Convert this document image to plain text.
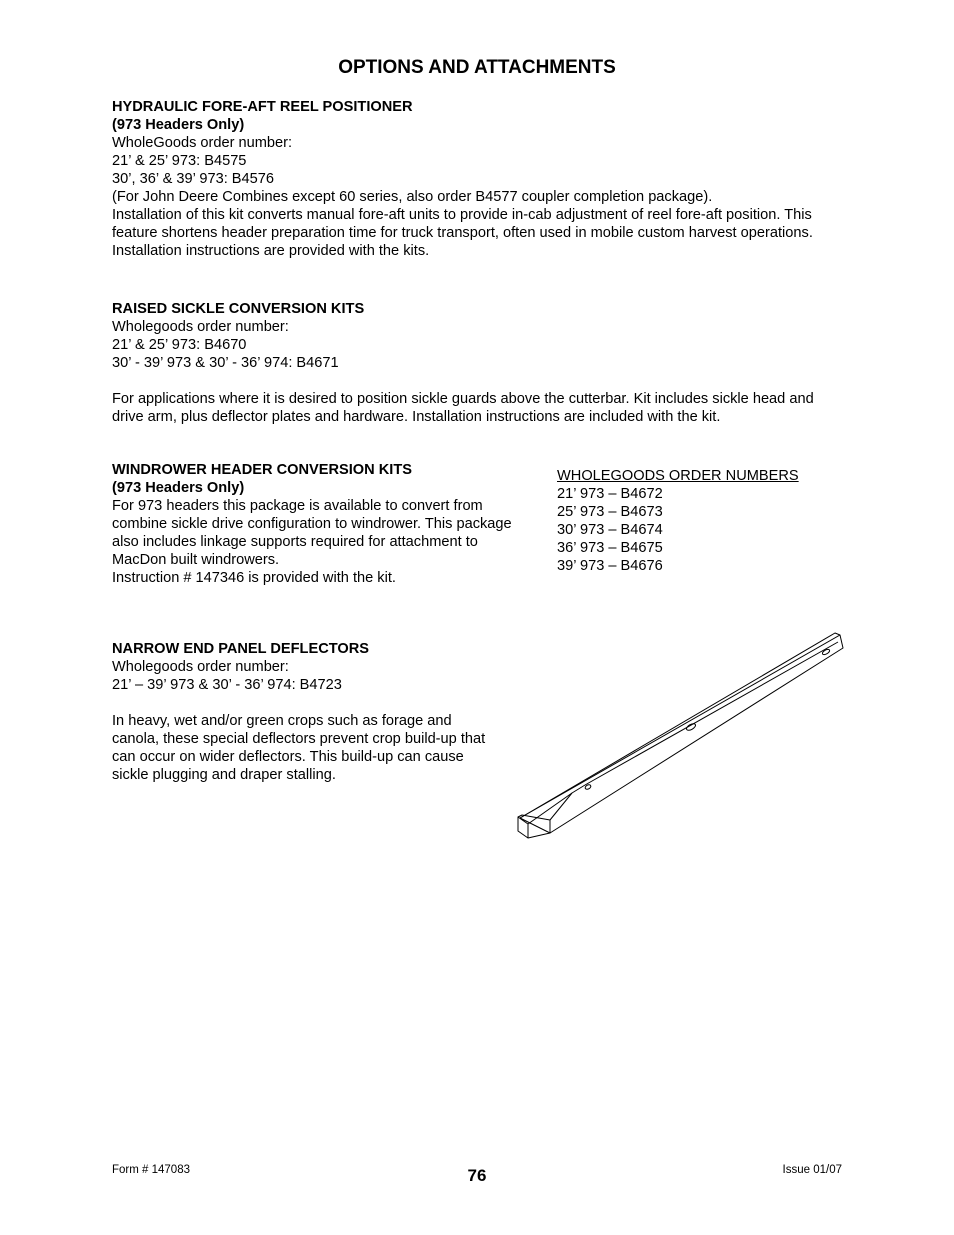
OPTIONS AND ATTACHMENTS
HYDRAULIC FORE-AFT REEL POSITIONER
(973 Headers Only)
WholeGoods order number:
21’ & 25’ 973: B4575
30’, 36’ & 39’ 973: B4576
(For John Deere Combines except 60 series, also order B4577 coupler completion package).
Installation of this kit converts manual fore-aft units to provide in-cab adjustment of reel fore-aft position. This
feature shortens header preparation time for truck transport, often used in mobile custom harvest operations.
Installation instructions are provided with the kits.
RAISED SICKLE CONVERSION KITS
Wholegoods order number:
21’ & 25’ 973: B4670
30’ - 39’ 973 & 30’ - 36’ 974: B4671
For applications where it is desired to position sickle guards above the cutterbar. Kit includes sickle head and
drive arm, plus deflector plates and hardware. Installation instructions are included with the kit.
WINDROWER HEADER CONVERSION KITS
(973 Headers Only)
For 973 headers this package is available to convert from
combine sickle drive configuration to windrower. This package
also includes linkage supports required for attachment to
MacDon built windrowers.
Instruction # 147346 is provided with the kit.
WHOLEGOODS ORDER NUMBERS
21’ 973 – B4672
25’ 973 – B4673
30’ 973 – B4674
36’ 973 – B4675
39’ 973 – B4676
NARROW END PANEL DEFLECTORS
Wholegoods order number:
21’ – 39’ 973 & 30’ - 36’ 974: B4723
In heavy, wet and/or green crops such as forage and
canola, these special deflectors prevent crop build-up that
can occur on wider deflectors. This build-up can cause
sickle plugging and draper stalling.
Form # 147083	76	Issue 01/07
